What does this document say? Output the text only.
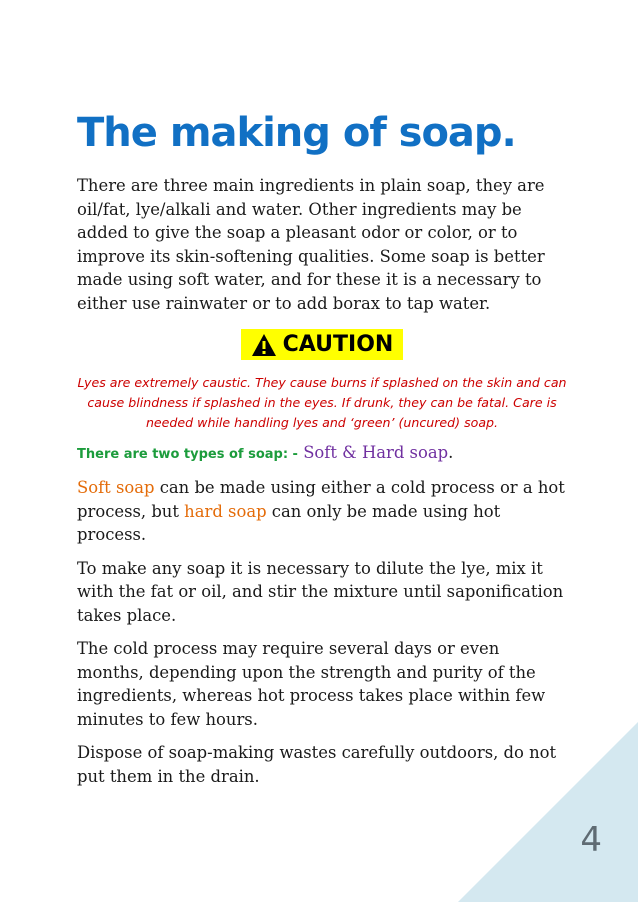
The making of soap.

There are three main ingredients in plain soap, they are oil/fat, lye/alkali and water. Other ingredients may be added to give the soap a pleasant odor or color, or to improve its skin-softening qualities. Some soap is better made using soft water, and for these it is a necessary to either use rainwater or to add borax to tap water.

CAUTION
Lyes are extremely caustic. They cause burns if splashed on the skin and can cause blindness if splashed in the eyes. If drunk, they can be fatal. Care is needed while handling lyes and ‘green’ (uncured) soap.

There are two types of soap: - Soft & Hard soap.

Soft soap can be made using either a cold process or a hot process, but hard soap can only be made using hot process.

To make any soap it is necessary to dilute the lye, mix it with the fat or oil, and stir the mixture until saponification takes place.

The cold process may require several days or even months, depending upon the strength and purity of the ingredients, whereas hot process takes place within few minutes to few hours.

Dispose of soap-making wastes carefully outdoors, do not put them in the drain.

4
